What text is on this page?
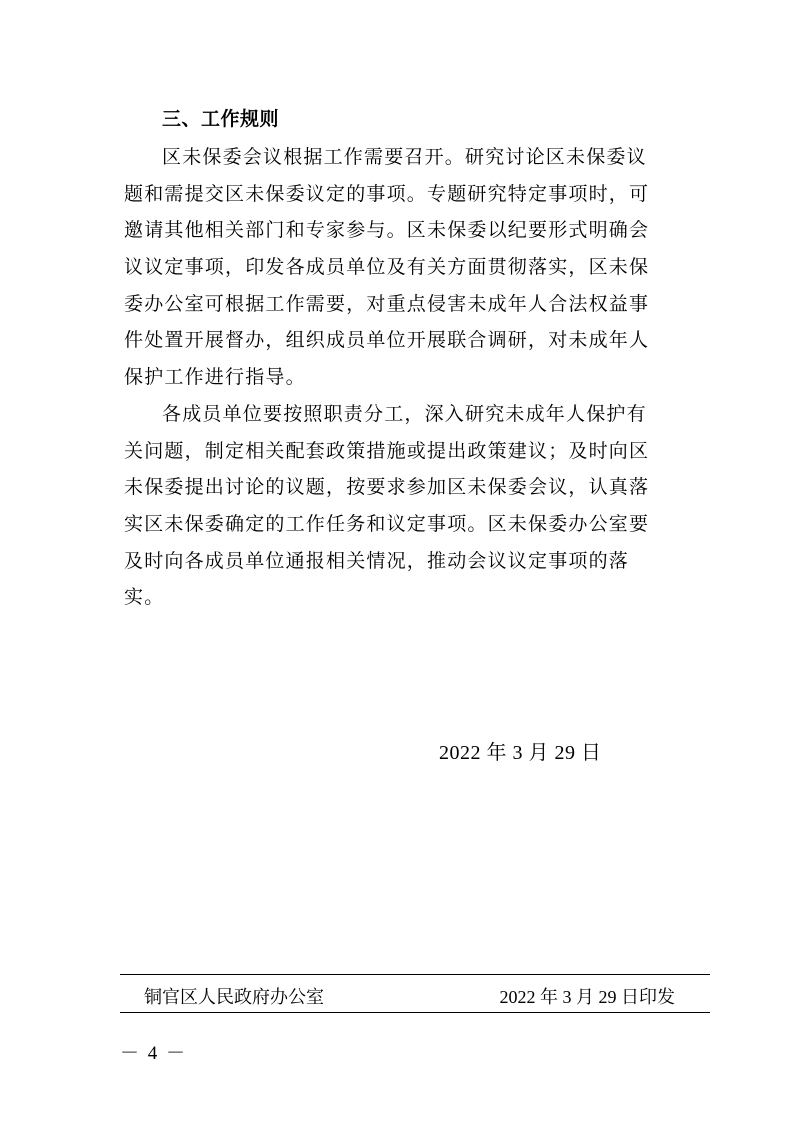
三、工作规则
区未保委会议根据工作需要召开。研究讨论区未保委议
题和需提交区未保委议定的事项。专题研究特定事项时，可
邀请其他相关部门和专家参与。区未保委以纪要形式明确会
议议定事项，印发各成员单位及有关方面贯彻落实，区未保
委办公室可根据工作需要，对重点侵害未成年人合法权益事
件处置开展督办，组织成员单位开展联合调研，对未成年人
保护工作进行指导。
各成员单位要按照职责分工，深入研究未成年人保护有
关问题，制定相关配套政策措施或提出政策建议；及时向区
未保委提出讨论的议题，按要求参加区未保委会议，认真落
实区未保委确定的工作任务和议定事项。区未保委办公室要
及时向各成员单位通报相关情况，推动会议议定事项的落
实。
2022 年 3 月 29 日
铜官区人民政府办公室	2022 年 3 月 29 日印发
－ 4 －
